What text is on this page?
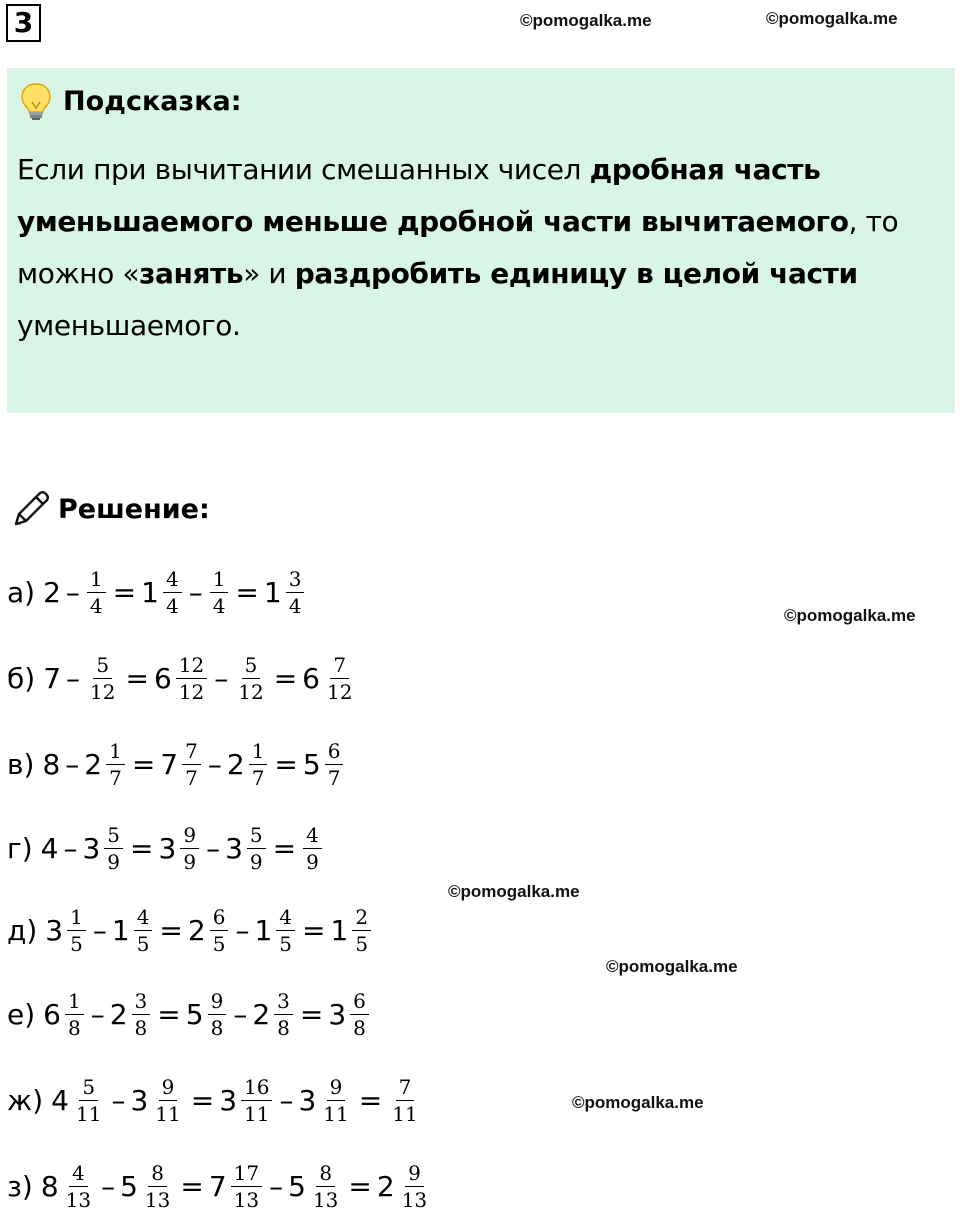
3	©pomogalka.me	©pomogalka.me
Подсказка:
Если при вычитании смешанных чисел дробная часть уменьшаемого меньше дробной части вычитаемого, то можно «занять» и раздробить единицу в целой части уменьшаемого.
Решение:
а) $2 - \frac{1}{4} = 1 \frac{4}{4} - \frac{1}{4} = 1 \frac{3}{4}$
б) $7 - \frac{5}{12} = 6 \frac{12}{12} - \frac{5}{12} = 6 \frac{7}{12}$
в) $8 - 2 \frac{1}{7} = 7 \frac{7}{7} - 2 \frac{1}{7} = 5 \frac{6}{7}$
г) $4 - 3 \frac{5}{9} = 3 \frac{9}{9} - 3 \frac{5}{9} = \frac{4}{9}$
д) $3 \frac{1}{5} - 1 \frac{4}{5} = 2 \frac{6}{5} - 1 \frac{4}{5} = 1 \frac{2}{5}$
е) $6 \frac{1}{8} - 2 \frac{3}{8} = 5 \frac{9}{8} - 2 \frac{3}{8} = 3 \frac{6}{8}$
ж) $4 \frac{5}{11} - 3 \frac{9}{11} = 3 \frac{16}{11} - 3 \frac{9}{11} = \frac{7}{11}$
з) $8 \frac{4}{13} - 5 \frac{8}{13} = 7 \frac{17}{13} - 5 \frac{8}{13} = 2 \frac{9}{13}$
©pomogalka.me
©pomogalka.me
©pomogalka.me
©pomogalka.me
